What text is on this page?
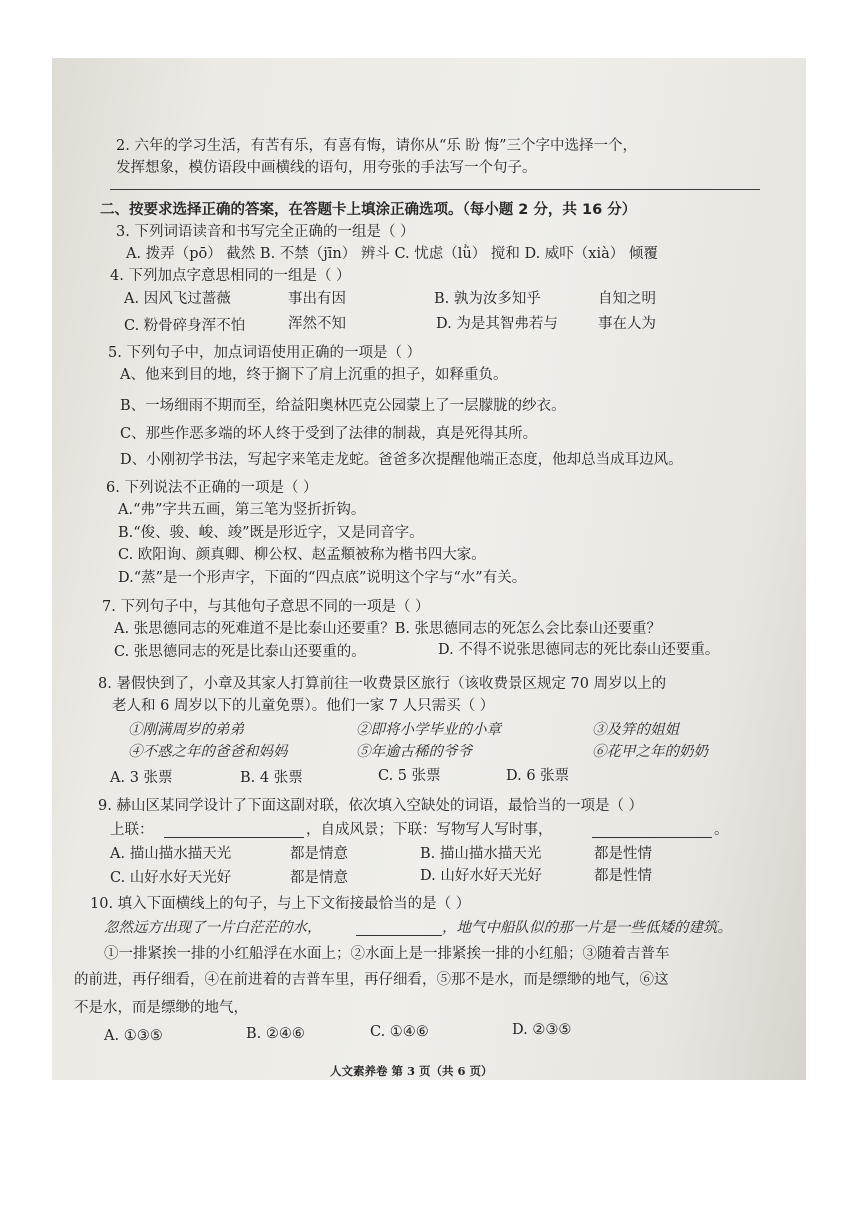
2. 六年的学习生活，有苦有乐，有喜有悔，请你从“乐 盼 悔”三个字中选择一个，
发挥想象，模仿语段中画横线的语句，用夸张的手法写一个句子。
二、按要求选择正确的答案，在答题卡上填涂正确选项。（每小题 2 分，共 16 分）
3. 下列词语读音和书写完全正确的一组是（ ）
A. 拨弄（pō） 截然 B. 不禁（jīn） 辨斗 C. 忧虑（lǜ） 搅和 D. 威吓（xià） 倾覆
4. 下列加点字意思相同的一组是（ ）
A. 因风飞过蔷薇	事出有因	B. 孰为汝多知乎	自知之明
C. 粉骨碎身浑不怕	浑然不知	D. 为是其智弗若与	事在人为
5. 下列句子中，加点词语使用正确的一项是（ ）
A、他来到目的地，终于搁下了肩上沉重的担子，如释重负。
B、一场细雨不期而至，给益阳奥林匹克公园蒙上了一层朦胧的纱衣。
C、那些作恶多端的坏人终于受到了法律的制裁，真是死得其所。
D、小刚初学书法，写起字来笔走龙蛇。爸爸多次提醒他端正态度，他却总当成耳边风。
6. 下列说法不正确的一项是（ ）
A.“弗”字共五画，第三笔为竖折折钩。
B.“俊、骏、峻、竣”既是形近字，又是同音字。
C. 欧阳询、颜真卿、柳公权、赵孟頫被称为楷书四大家。
D.“蒸”是一个形声字，下面的“四点底”说明这个字与“水”有关。
7. 下列句子中，与其他句子意思不同的一项是（ ）
A. 张思德同志的死难道不是比泰山还要重？B. 张思德同志的死怎么会比泰山还要重？
C. 张思德同志的死是比泰山还要重的。	D. 不得不说张思德同志的死比泰山还要重。
8. 暑假快到了，小章及其家人打算前往一收费景区旅行（该收费景区规定 70 周岁以上的
老人和 6 周岁以下的儿童免票）。他们一家 7 人只需买（ ）
①刚满周岁的弟弟	②即将小学毕业的小章	③及笄的姐姐
④不惑之年的爸爸和妈妈	⑤年逾古稀的爷爷	⑥花甲之年的奶奶
A. 3 张票	B. 4 张票	C. 5 张票	D. 6 张票
9. 赫山区某同学设计了下面这副对联，依次填入空缺处的词语，最恰当的一项是（ ）
上联：	，自成风景；下联：写物写人写时事，	。
A. 描山描水描天光	都是情意	B. 描山描水描天光	都是性情
C. 山好水好天光好	都是情意	D. 山好水好天光好	都是性情
10. 填入下面横线上的句子，与上下文衔接最恰当的是（ ）
忽然远方出现了一片白茫茫的水，	，地气中船队似的那一片是一些低矮的建筑。
①一排紧挨一排的小红船浮在水面上；②水面上是一排紧挨一排的小红船；③随着吉普车
的前进，再仔细看，④在前进着的吉普车里，再仔细看，⑤那不是水，而是缥缈的地气，⑥这
不是水，而是缥缈的地气，
A. ①③⑤	B. ②④⑥	C. ①④⑥	D. ②③⑤
人文素养卷 第 3 页（共 6 页）
